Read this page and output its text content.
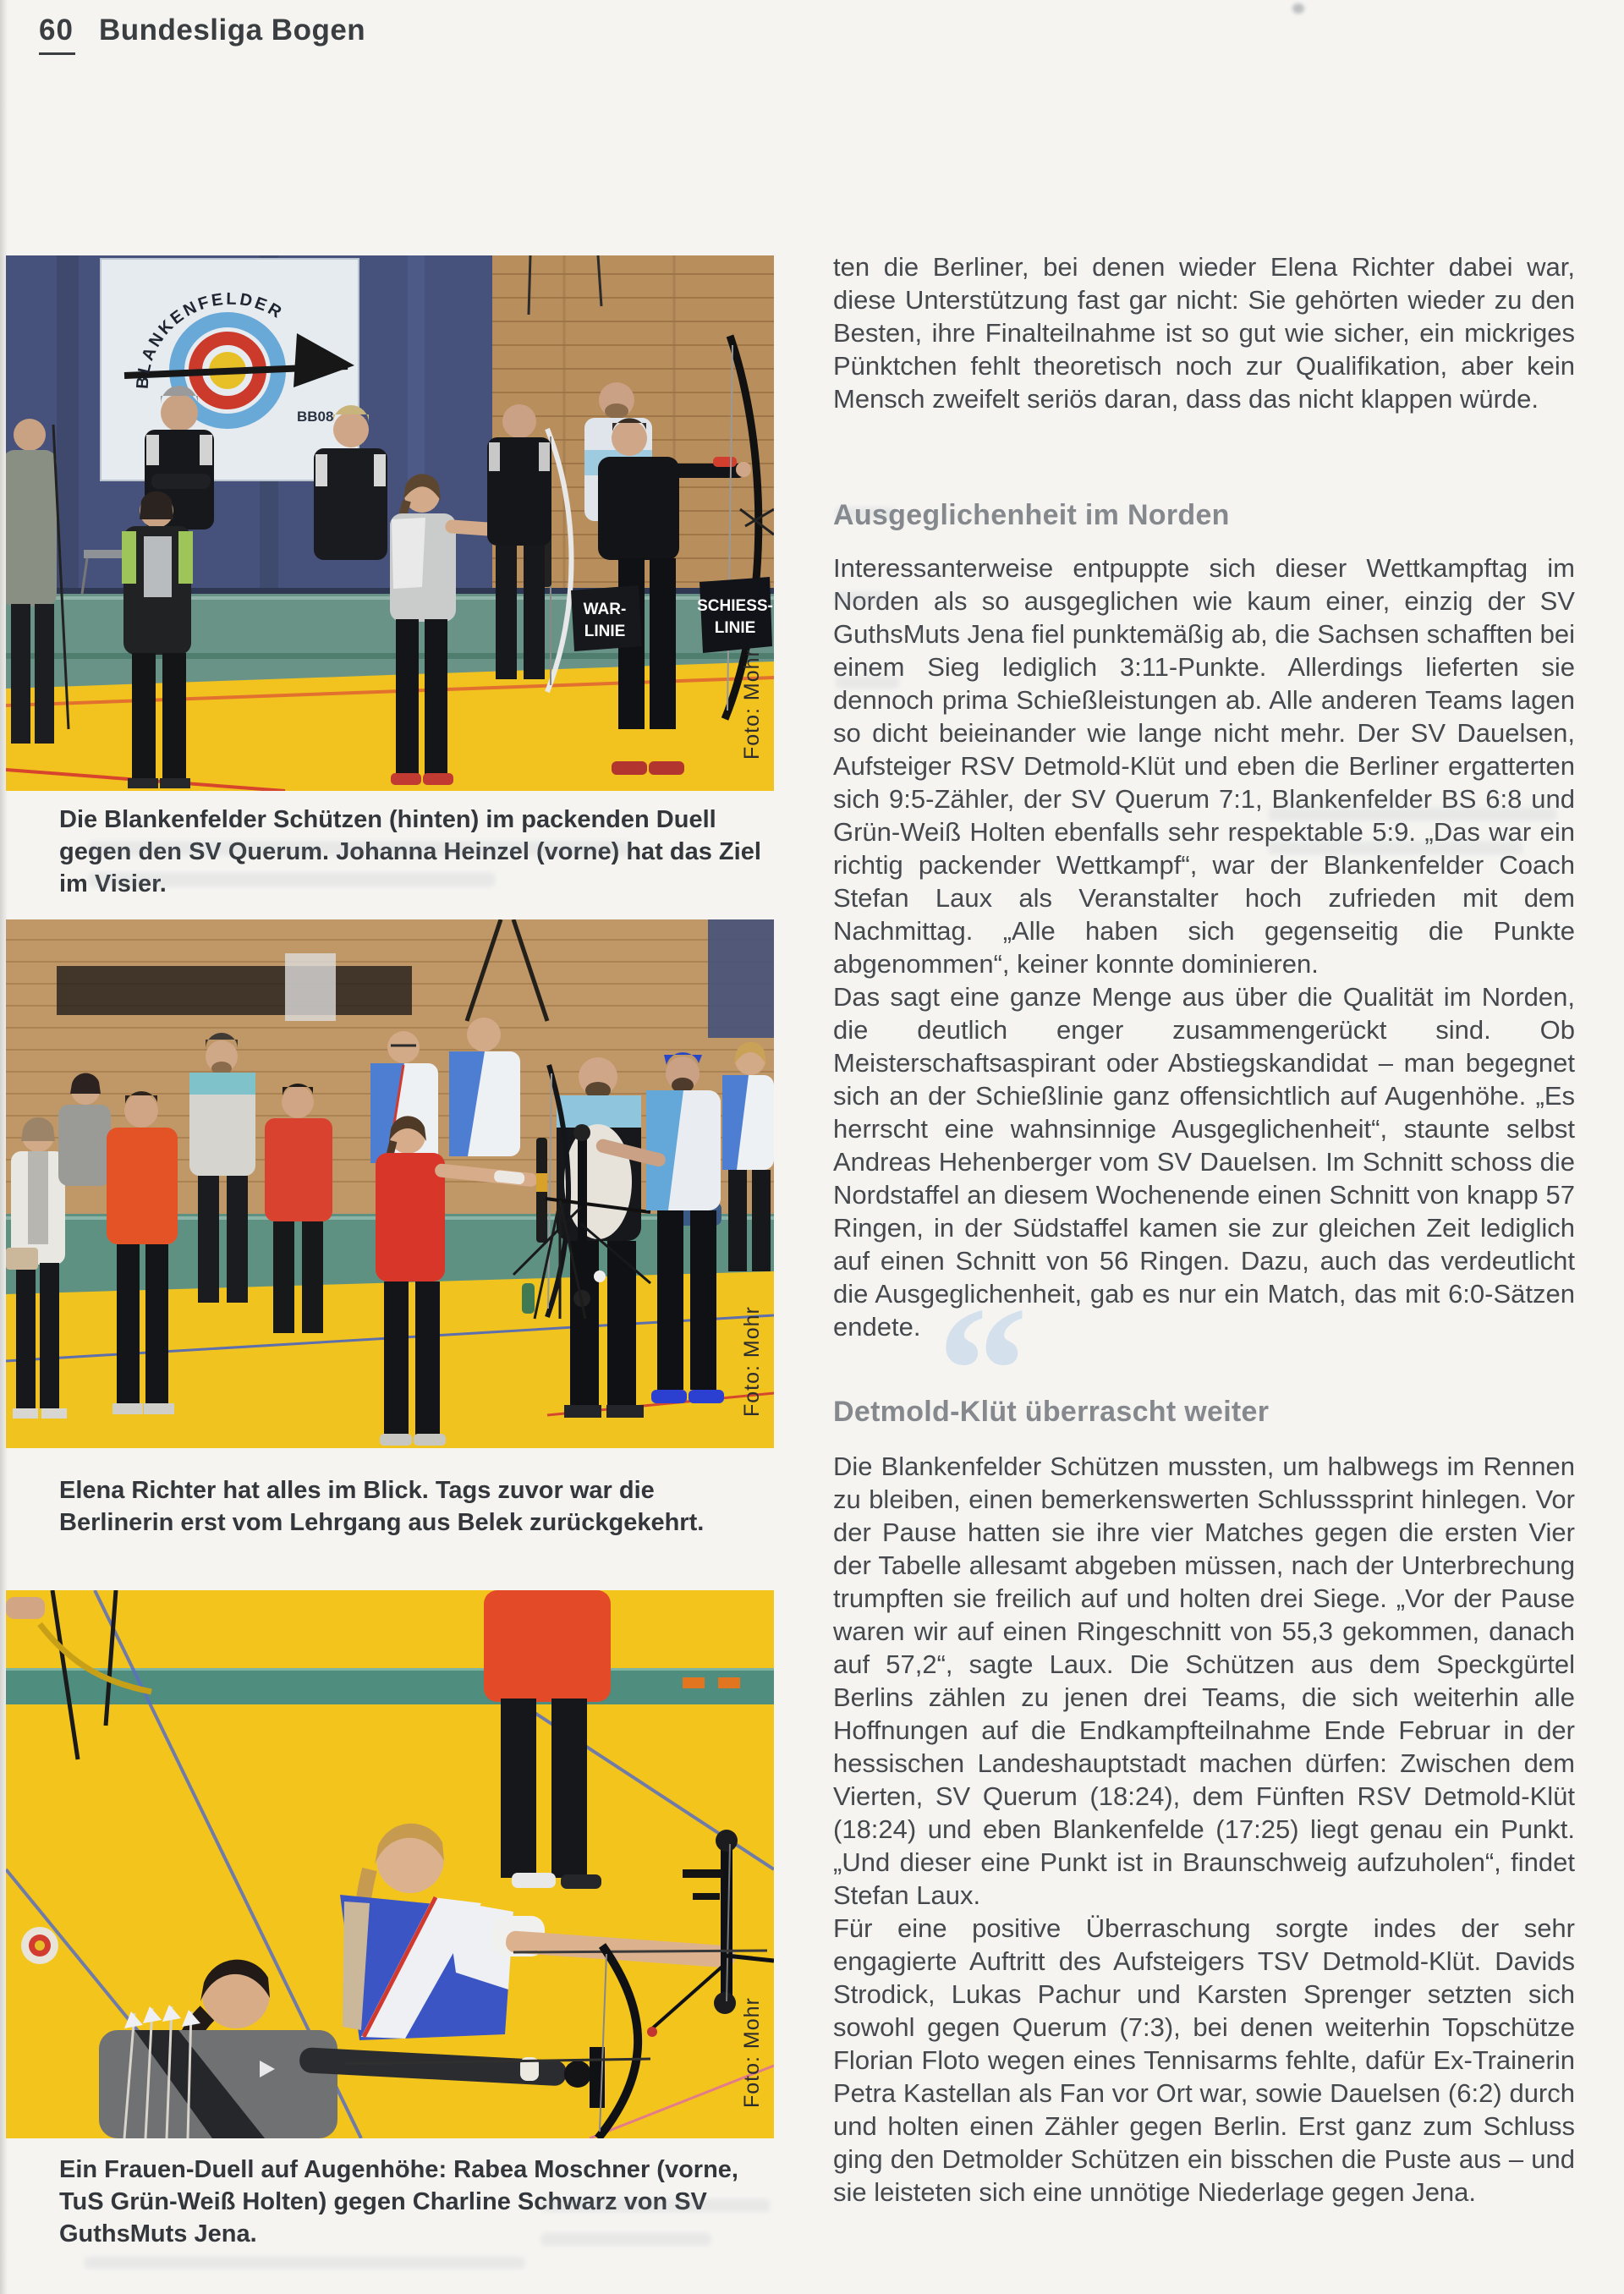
60 Bundesliga Bogen
BLANKENFELDER
BB08
WAR-
LINIE
SCHIESS-
LINIE
Foto: Mohr
Die Blankenfelder Schützen (hinten) im packenden Duell gegen den SV Querum. Johanna Heinzel (vorne) hat das Ziel im Visier.
Foto: Mohr
Elena Richter hat alles im Blick. Tags zuvor war die Berlinerin erst vom Lehrgang aus Belek zurückgekehrt.
Foto: Mohr
Ein Frauen-Duell auf Augenhöhe: Rabea Moschner (vorne, TuS Grün-Weiß Holten) gegen Charline Schwarz von SV GuthsMuts Jena.

ten die Berliner, bei denen wieder Elena Richter dabei war, diese Unterstützung fast gar nicht: Sie gehörten wieder zu den Besten, ihre Finalteilnahme ist so gut wie sicher, ein mickriges Pünktchen fehlt theoretisch noch zur Qualifikation, aber kein Mensch zweifelt seriös daran, dass das nicht klappen würde.

Ausgeglichenheit im Norden

Interessanterweise entpuppte sich dieser Wettkampftag im Norden als so ausgeglichen wie kaum einer, einzig der SV GuthsMuts Jena fiel punktemäßig ab, die Sachsen schafften bei einem Sieg lediglich 3:11-Punkte. Allerdings lieferten sie dennoch prima Schießleistungen ab. Alle anderen Teams lagen so dicht beieinander wie lange nicht mehr. Der SV Dauelsen, Aufsteiger RSV Detmold-Klüt und eben die Berliner ergatterten sich 9:5-Zähler, der SV Querum 7:1, Blankenfelder BS 6:8 und Grün-Weiß Holten ebenfalls sehr respektable 5:9. „Das war ein richtig packender Wettkampf“, war der Blankenfelder Coach Stefan Laux als Veranstalter hoch zufrieden mit dem Nachmittag. „Alle haben sich gegenseitig die Punkte abgenommen“, keiner konnte dominieren.

Das sagt eine ganze Menge aus über die Qualität im Norden, die deutlich enger zusammengerückt sind. Ob Meisterschaftsaspirant oder Abstiegskandidat – man begegnet sich an der Schießlinie ganz offensichtlich auf Augenhöhe. „Es herrscht eine wahnsinnige Ausgeglichenheit“, staunte selbst Andreas Hehenberger vom SV Dauelsen. Im Schnitt schoss die Nordstaffel an diesem Wochenende einen Schnitt von knapp 57 Ringen, in der Südstaffel kamen sie zur gleichen Zeit lediglich auf einen Schnitt von 56 Ringen. Dazu, auch das verdeutlicht die Ausgeglichenheit, gab es nur ein Match, das mit 6:0-Sätzen endete. “
Detmold-Klüt überrascht weiter

Die Blankenfelder Schützen mussten, um halbwegs im Rennen zu bleiben, einen bemerkenswerten Schlusssprint hinlegen. Vor der Pause hatten sie ihre vier Matches gegen die ersten Vier der Tabelle allesamt abgeben müssen, nach der Unterbrechung trumpften sie freilich auf und holten drei Siege. „Vor der Pause waren wir auf einen Ringeschnitt von 55,3 gekommen, danach auf 57,2“, sagte Laux. Die Schützen aus dem Speckgürtel Berlins zählen zu jenen drei Teams, die sich weiterhin alle Hoffnungen auf die Endkampfteilnahme Ende Februar in der hessischen Landeshauptstadt machen dürfen: Zwischen dem Vierten, SV Querum (18:24), dem Fünften RSV Detmold-Klüt (18:24) und eben Blankenfelde (17:25) liegt genau ein Punkt. „Und dieser eine Punkt ist in Braunschweig aufzuholen“, findet Stefan Laux.

Für eine positive Überraschung sorgte indes der sehr engagierte Auftritt des Aufsteigers TSV Detmold-Klüt. Davids Strodick, Lukas Pachur und Karsten Sprenger setzten sich sowohl gegen Querum (7:3), bei denen weiterhin Topschütze Florian Floto wegen eines Tennisarms fehlte, dafür Ex-Trainerin Petra Kastellan als Fan vor Ort war, sowie Dauelsen (6:2) durch und holten einen Zähler gegen Berlin. Erst ganz zum Schluss ging den Detmolder Schützen ein bisschen die Puste aus – und sie leisteten sich eine unnötige Niederlage gegen Jena.
